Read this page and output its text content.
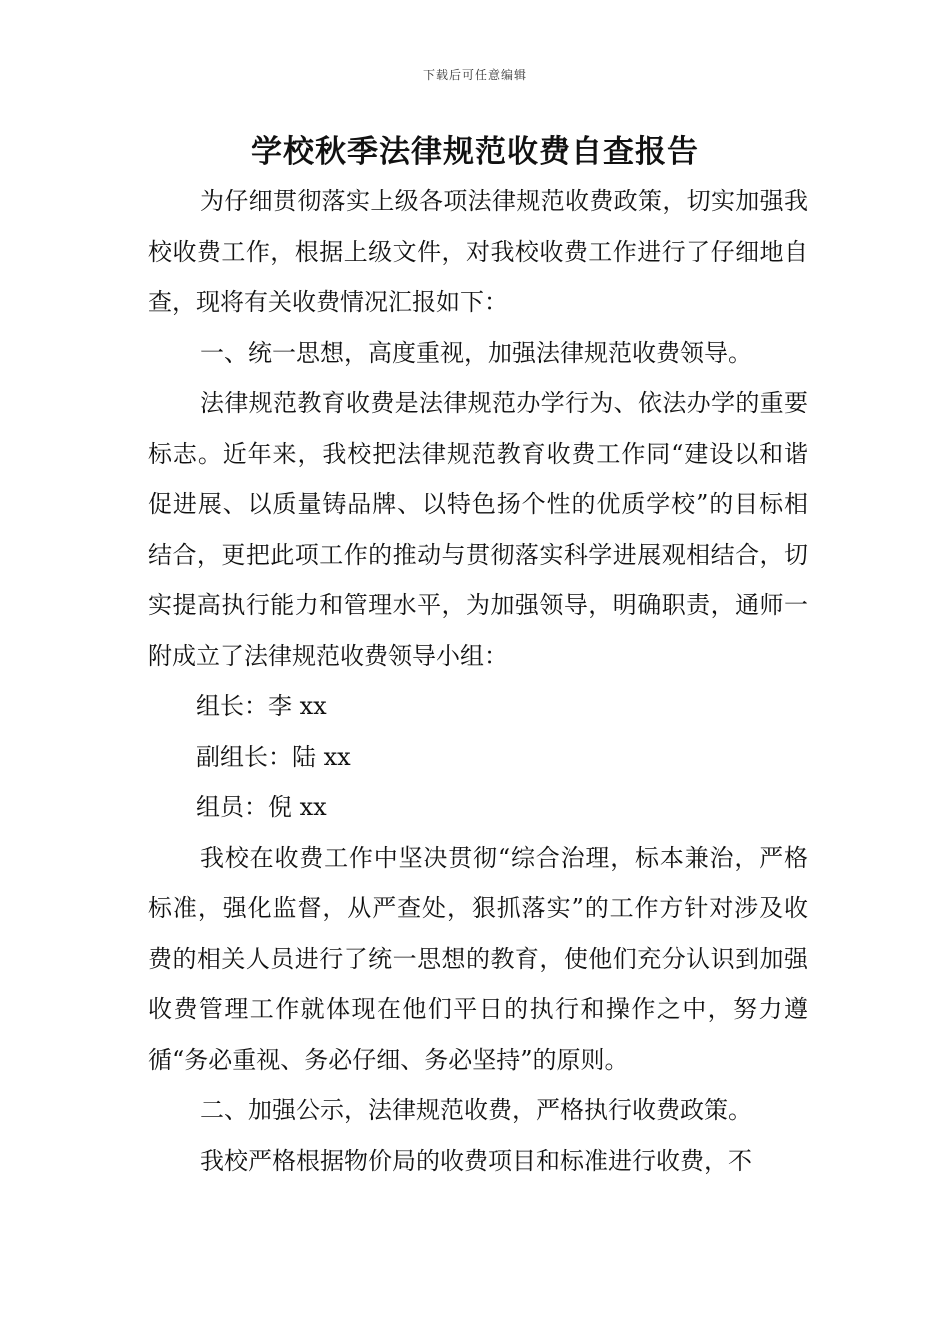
下载后可任意编辑
学校秋季法律规范收费自查报告

为仔细贯彻落实上级各项法律规范收费政策，切实加强我校收费工作，根据上级文件，对我校收费工作进行了仔细地自查，现将有关收费情况汇报如下：

一、统一思想，高度重视，加强法律规范收费领导。

法律规范教育收费是法律规范办学行为、依法办学的重要标志。近年来，我校把法律规范教育收费工作同“建设以和谐促进展、以质量铸品牌、以特色扬个性的优质学校”的目标相结合，更把此项工作的推动与贯彻落实科学进展观相结合，切实提高执行能力和管理水平，为加强领导，明确职责，通师一附成立了法律规范收费领导小组：

组长：李 xx

副组长：陆 xx

组员：倪 xx

我校在收费工作中坚决贯彻“综合治理，标本兼治，严格标准，强化监督，从严查处，狠抓落实”的工作方针对涉及收费的相关人员进行了统一思想的教育，使他们充分认识到加强收费管理工作就体现在他们平日的执行和操作之中，努力遵循“务必重视、务必仔细、务必坚持”的原则。

二、加强公示，法律规范收费，严格执行收费政策。

我校严格根据物价局的收费项目和标准进行收费，不
